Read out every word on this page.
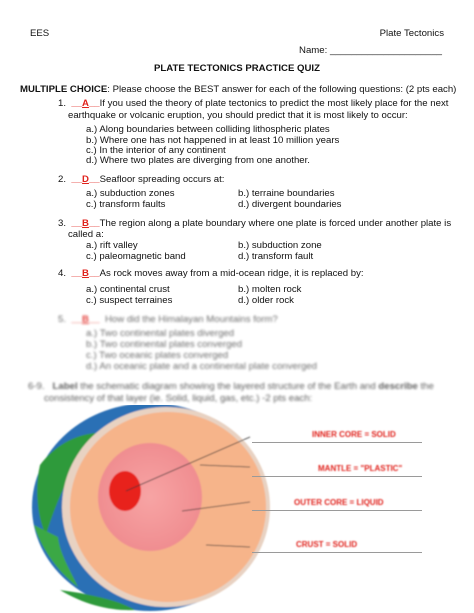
EES	Plate Tectonics
Name: _____________________
PLATE TECTONICS PRACTICE QUIZ
MULTIPLE CHOICE: Please choose the BEST answer for each of the following questions: (2 pts each)
1. __A__If you used the theory of plate tectonics to predict the most likely place for the next
earthquake or volcanic eruption, you should predict that it is most likely to occur:
a.) Along boundaries between colliding lithospheric plates
b.) Where one has not happened in at least 10 million years
c.) In the interior of any continent
d.) Where two plates are diverging from one another.
2. __D__Seafloor spreading occurs at:
a.) subduction zones	b.) terraine boundaries
c.) transform faults	d.) divergent boundaries
3. __B__The region along a plate boundary where one plate is forced under another plate is
called a:
a.) rift valley	b.) subduction zone
c.) paleomagnetic band	d.) transform fault
4. __B__As rock moves away from a mid-ocean ridge, it is replaced by:
a.) continental crust	b.) molten rock
c.) suspect terraines	d.) older rock
5. __B__ How did the Himalayan Mountains form?
a.) Two continental plates diverged
b.) Two continental plates converged
c.) Two oceanic plates converged
d.) An oceanic plate and a continental plate converged
6-9. Label the schematic diagram showing the layered structure of the Earth and describe the
consistency of that layer (ie. Solid, liquid, gas, etc.) -2 pts each:
INNER CORE = SOLID
MANTLE = "PLASTIC"
OUTER CORE = LIQUID
CRUST = SOLID
